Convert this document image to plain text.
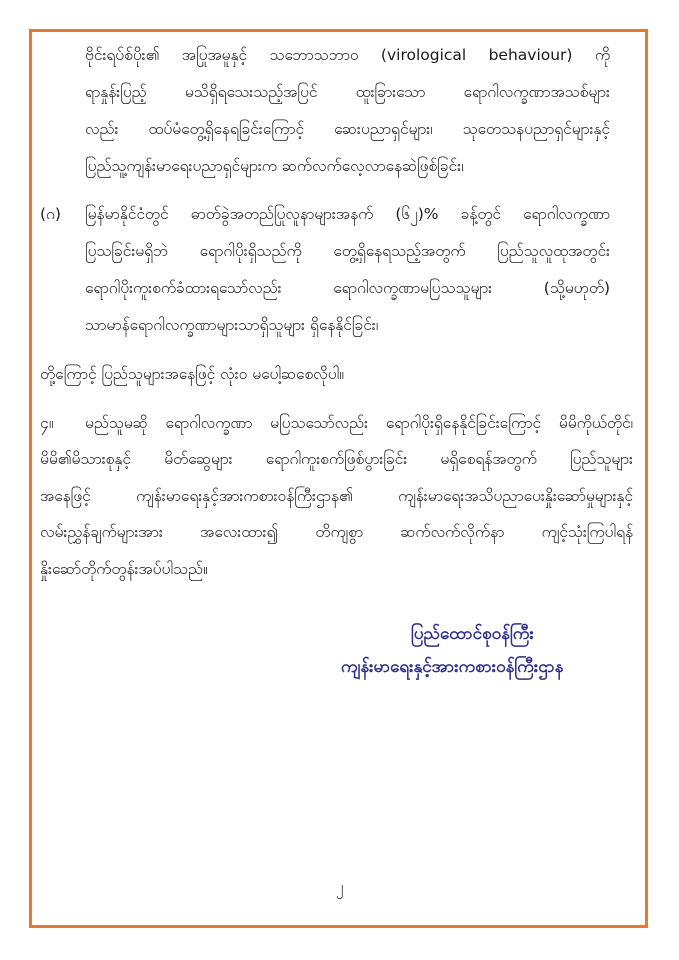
ဗိုင်းရပ်စ်ပိုး၏ အပြုအမူနှင့် သဘောသဘာဝ (virological behaviour) ကို
ရာနှုန်းပြည့် မသိရှိရသေးသည့်အပြင် ထူးခြားသော ရောဂါလက္ခဏာအသစ်များ
လည်း ထပ်မံတွေ့ရှိနေရခြင်းကြောင့် ဆေးပညာရှင်များ၊ သုတေသနပညာရှင်များနှင့်
ပြည်သူ့ကျန်းမာရေးပညာရှင်များက ဆက်လက်လေ့လာနေဆဲဖြစ်ခြင်း၊
(ဂ) မြန်မာနိုင်ငံတွင် ဓာတ်ခွဲအတည်ပြုလူနာများအနက် (၆၂)% ခန့်တွင် ရောဂါလက္ခဏာ
ပြသခြင်းမရှိဘဲ ရောဂါပိုးရှိသည်ကို တွေ့ရှိနေရသည့်အတွက် ပြည်သူလူထုအတွင်း
ရောဂါပိုးကူးစက်ခံထားရသော်လည်း ရောဂါလက္ခဏာမပြသသူများ (သို့မဟုတ်)
သာမာန်ရောဂါလက္ခဏာများသာရှိသူများ ရှိနေနိုင်ခြင်း၊
တို့ကြောင့် ပြည်သူများအနေဖြင့် လုံးဝ မပေါ့ဆစေလိုပါ။
၄။ မည်သူမဆို ရောဂါလက္ခဏာ မပြသသော်လည်း ရောဂါပိုးရှိနေနိုင်ခြင်းကြောင့် မိမိကိုယ်တိုင်၊
မိမိ၏မိသားစုနှင့် မိတ်ဆွေများ ရောဂါကူးစက်ဖြစ်ပွားခြင်း မရှိစေရန်အတွက် ပြည်သူများ
အနေဖြင့် ကျန်းမာရေးနှင့်အားကစားဝန်ကြီးဌာန၏ ကျန်းမာရေးအသိပညာပေးနှိုးဆော်မှုများနှင့်
လမ်းညွှန်ချက်များအား အလေးထား၍ တိကျစွာ ဆက်လက်လိုက်နာ ကျင့်သုံးကြပါရန်
နှိုးဆော်တိုက်တွန်းအပ်ပါသည်။
ပြည်ထောင်စုဝန်ကြီး
ကျန်းမာရေးနှင့်အားကစားဝန်ကြီးဌာန
၂
